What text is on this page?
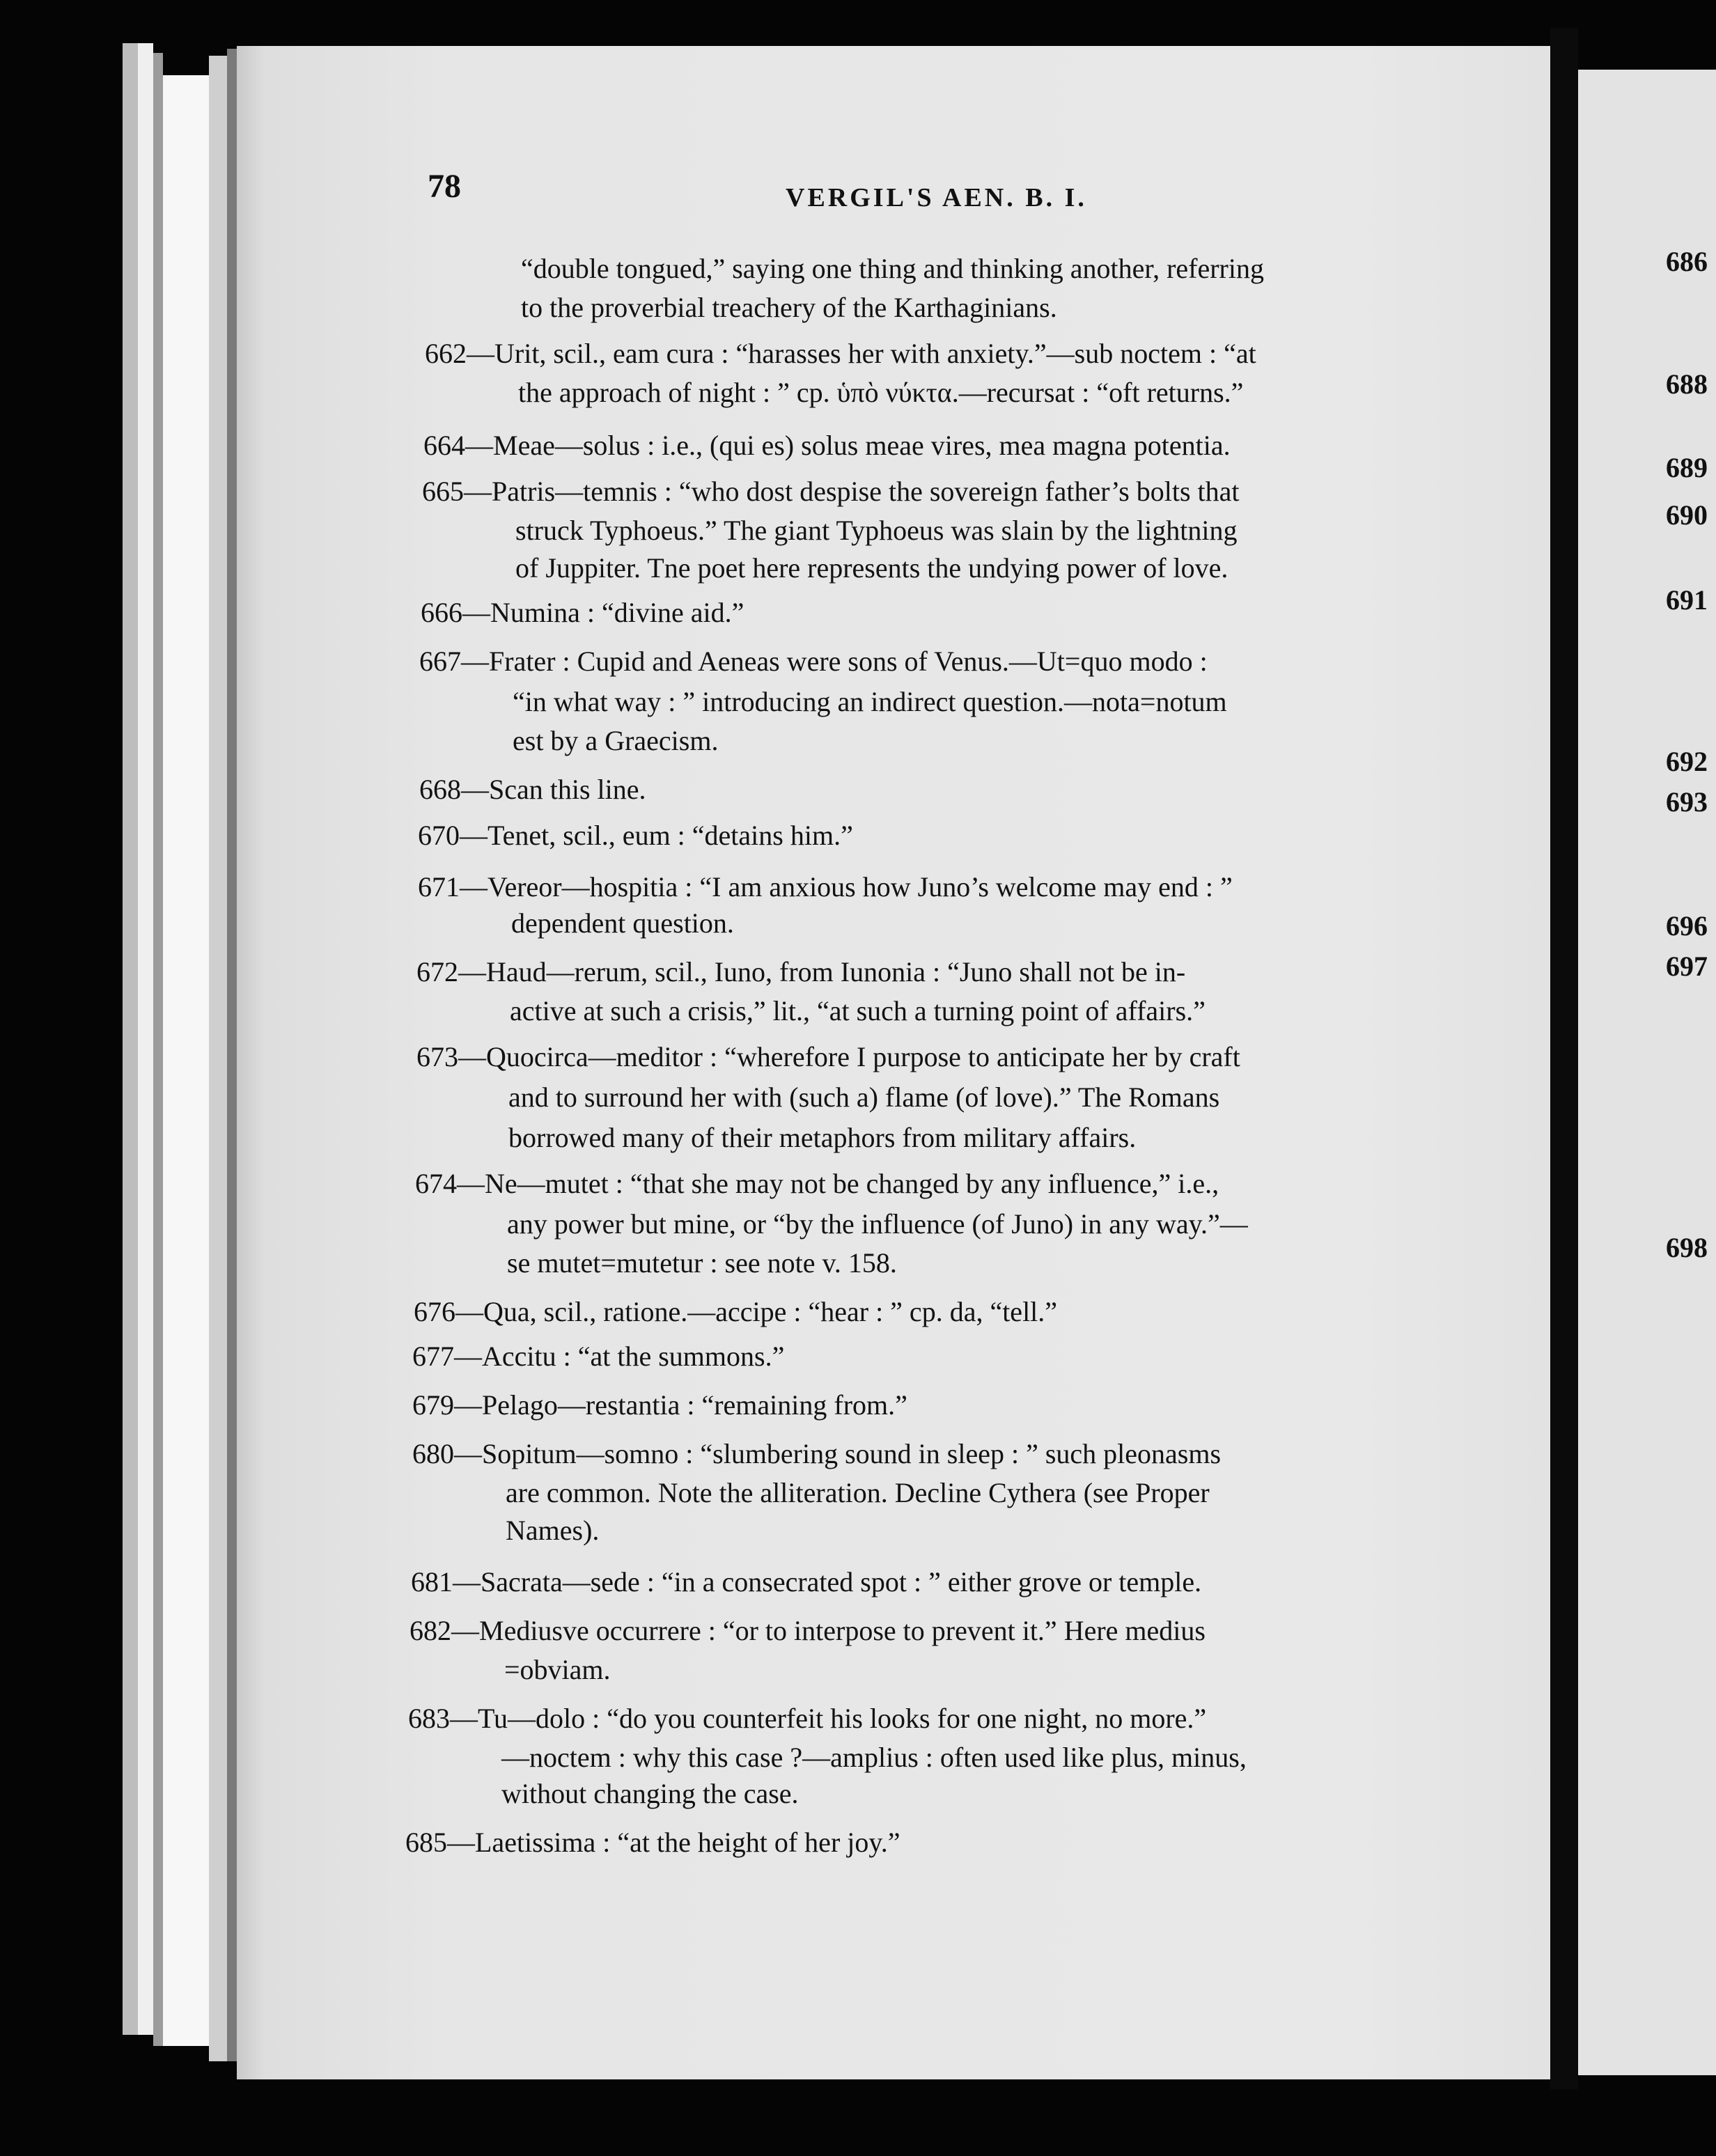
686
688
689
690
691
692
693
696
697
698
78	VERGIL'S AEN. B. I.
“double tongued,” saying one thing and thinking another, referring
to the proverbial treachery of the Karthaginians.
662—Urit, scil., eam cura : “harasses her with anxiety.”—sub noctem : “at
the approach of night : ” cp. ὑπὸ νύκτα.—recursat : “oft returns.”
664—Meae—solus : i.e., (qui es) solus meae vires, mea magna potentia.
665—Patris—temnis : “who dost despise the sovereign father’s bolts that
struck Typhoeus.” The giant Typhoeus was slain by the lightning
of Juppiter. Tne poet here represents the undying power of love.
666—Numina : “divine aid.”
667—Frater : Cupid and Aeneas were sons of Venus.—Ut=quo modo :
“in what way : ” introducing an indirect question.—nota=notum
est by a Graecism.
668—Scan this line.
670—Tenet, scil., eum : “detains him.”
671—Vereor—hospitia : “I am anxious how Juno’s welcome may end : ”
dependent question.
672—Haud—rerum, scil., Iuno, from Iunonia : “Juno shall not be in-
active at such a crisis,” lit., “at such a turning point of affairs.”
673—Quocirca—meditor : “wherefore I purpose to anticipate her by craft
and to surround her with (such a) flame (of love).” The Romans
borrowed many of their metaphors from military affairs.
674—Ne—mutet : “that she may not be changed by any influence,” i.e.,
any power but mine, or “by the influence (of Juno) in any way.”—
se mutet=mutetur : see note v. 158.
676—Qua, scil., ratione.—accipe : “hear : ” cp. da, “tell.”
677—Accitu : “at the summons.”
679—Pelago—restantia : “remaining from.”
680—Sopitum—somno : “slumbering sound in sleep : ” such pleonasms
are common. Note the alliteration. Decline Cythera (see Proper
Names).
681—Sacrata—sede : “in a consecrated spot : ” either grove or temple.
682—Mediusve occurrere : “or to interpose to prevent it.” Here medius
=obviam.
683—Tu—dolo : “do you counterfeit his looks for one night, no more.”
—noctem : why this case ?—amplius : often used like plus, minus,
without changing the case.
685—Laetissima : “at the height of her joy.”
